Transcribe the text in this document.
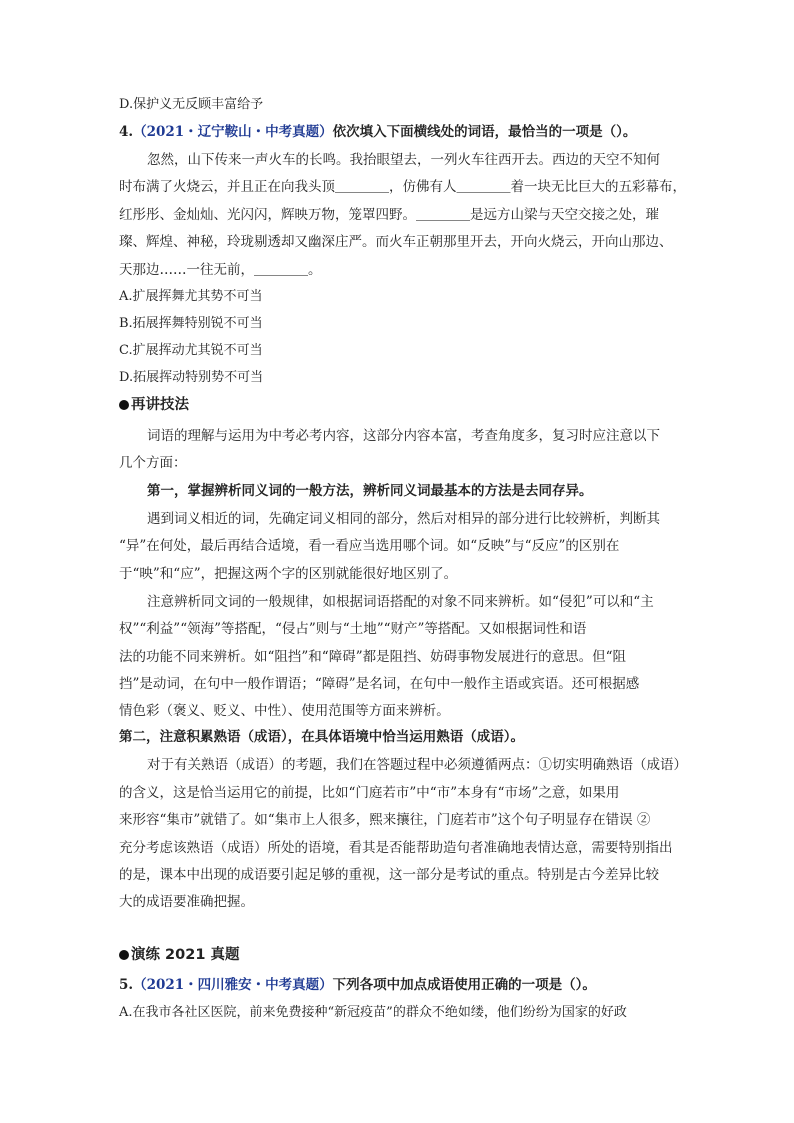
D.保护义无反顾丰富给予
4.（2021・辽宁鞍山・中考真题）依次填入下面横线处的词语，最恰当的一项是（）。
忽然，山下传来一声火车的长鸣。我抬眼望去，一列火车往西开去。西边的天空不知何
时布满了火烧云，并且正在向我头顶＿＿＿＿，仿佛有人＿＿＿＿着一块无比巨大的五彩幕布，
红彤彤、金灿灿、光闪闪，辉映万物，笼罩四野。＿＿＿＿是远方山梁与天空交接之处，璀
璨、辉煌、神秘，玲珑剔透却又幽深庄严。而火车正朝那里开去，开向火烧云，开向山那边、
天那边……一往无前，＿＿＿＿。
A.扩展挥舞尤其势不可当
B.拓展挥舞特别锐不可当
C.扩展挥动尤其锐不可当
D.拓展挥动特别势不可当
再讲技法
词语的理解与运用为中考必考内容，这部分内容本富，考查角度多，复习时应注意以下
几个方面：
第一，掌握辨析同义词的一般方法，辨析同义词最基本的方法是去同存异。
遇到词义相近的词，先确定词义相同的部分，然后对相异的部分进行比较辨析，判断其
“异”在何处，最后再结合适境，看一看应当选用哪个词。如“反映”与“反应”的区别在
于“映”和“应”，把握这两个字的区别就能很好地区别了。
注意辨析同文词的一般规律，如根据词语搭配的对象不同来辨析。如“侵犯”可以和“主
权”“利益”“领海”等搭配，“侵占”则与“土地”“财产”等搭配。又如根据词性和语
法的功能不同来辨析。如“阻挡”和“障碍”都是阻挡、妨碍事物发展进行的意思。但“阻
挡”是动词，在句中一般作谓语；“障碍”是名词，在句中一般作主语或宾语。还可根据感
情色彩（褒义、贬义、中性）、使用范围等方面来辨析。
第二，注意积累熟语（成语），在具体语境中恰当运用熟语（成语）。
对于有关熟语（成语）的考题，我们在答题过程中必须遵循两点：①切实明确熟语（成语）
的含义，这是恰当运用它的前提，比如“门庭若市”中“市”本身有“市场”之意，如果用
来形容“集市”就错了。如“集市上人很多，熙来攘往，门庭若市”这个句子明显存在错误 ②
充分考虑该熟语（成语）所处的语境，看其是否能帮助造句者准确地表情达意，需要特别指出
的是，课本中出现的成语要引起足够的重视，这一部分是考试的重点。特别是古今差异比较
大的成语要准确把握。
演练 2021 真题
5.（2021・四川雅安・中考真题）下列各项中加点成语使用正确的一项是（）。
A.在我市各社区医院，前来免费接种“新冠疫苗”的群众不绝如缕，他们纷纷为国家的好政
